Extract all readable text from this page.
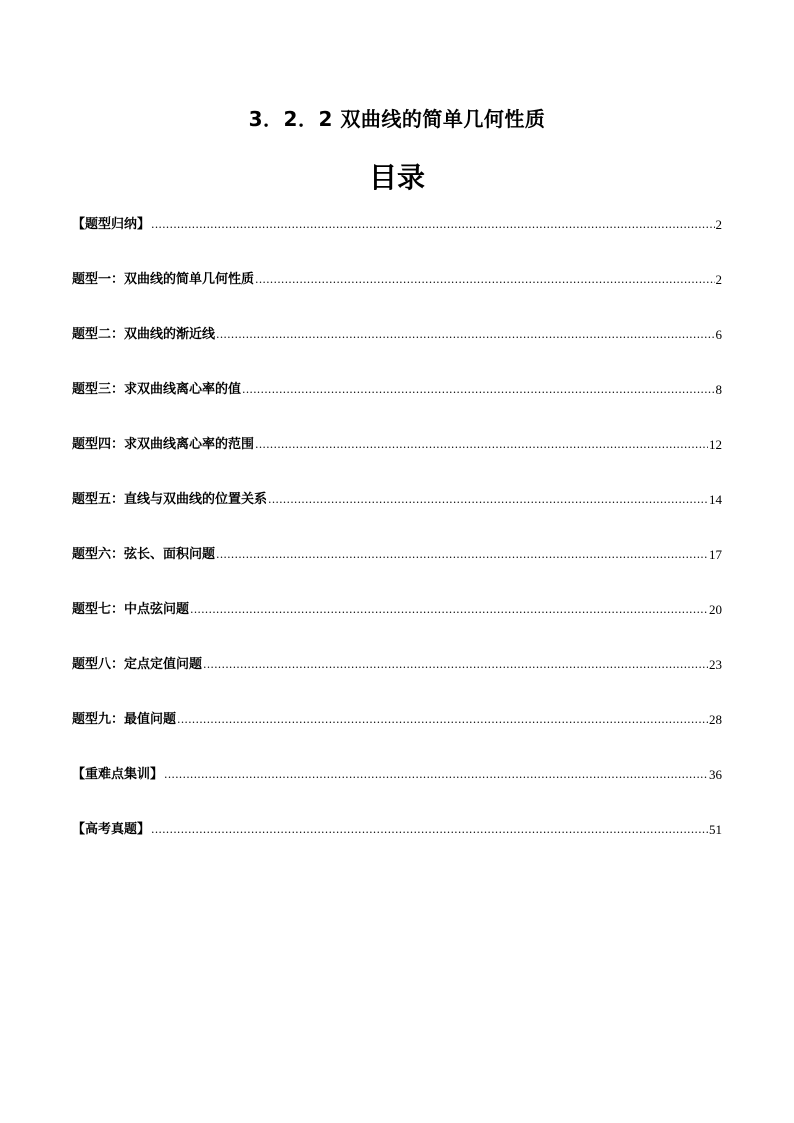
3．2．2 双曲线的简单几何性质
目录
【题型归纳】 .....	2
题型一：双曲线的简单几何性质 .....	2
题型二：双曲线的渐近线 .....	6
题型三：求双曲线离心率的值 .....	8
题型四：求双曲线离心率的范围 .....	12
题型五：直线与双曲线的位置关系 .....	14
题型六：弦长、面积问题 .....	17
题型七：中点弦问题 .....	20
题型八：定点定值问题 .....	23
题型九：最值问题 .....	28
【重难点集训】 .....	36
【高考真题】 .....	51
